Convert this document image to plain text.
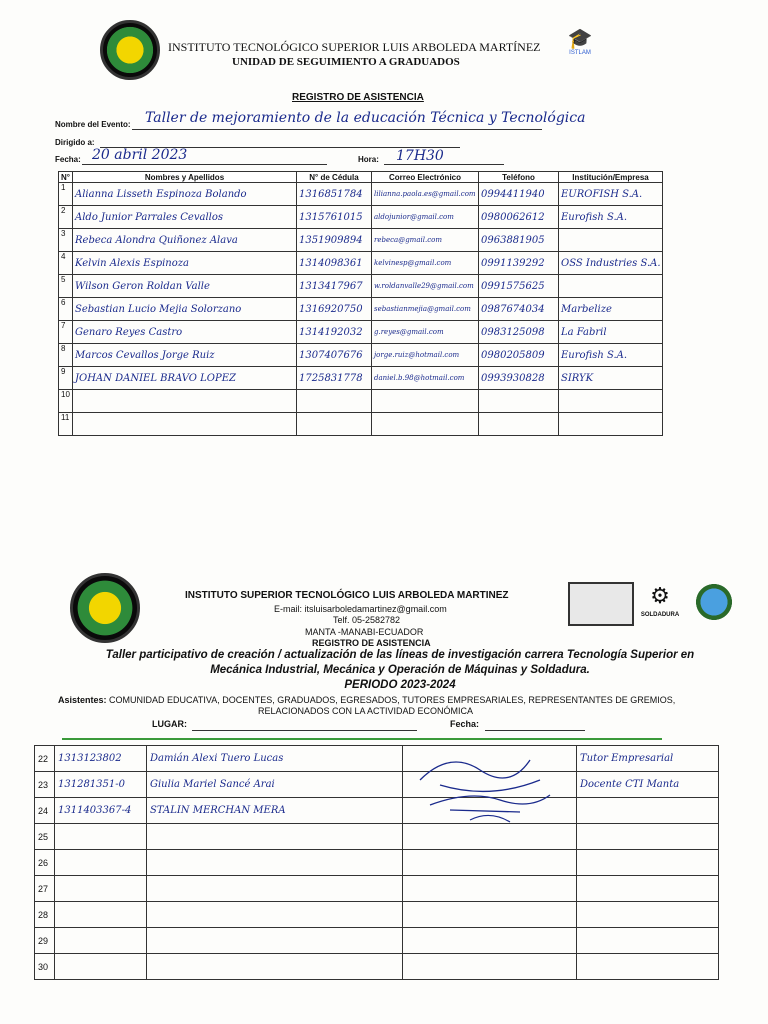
INSTITUTO TECNOLÓGICO SUPERIOR LUIS ARBOLEDA MARTÍNEZ
UNIDAD DE SEGUIMIENTO A GRADUADOS
🎓
ISTLAM
REGISTRO DE ASISTENCIA
Nombre del Evento: Taller de mejoramiento de la educación Técnica y Tecnológica
Dirigido a:
Fecha: 20 abril 2023	Hora: 17H30
N°	Nombres y Apellidos	N° de Cédula	Correo Electrónico	Teléfono	Institución/Empresa
1	Alianna Lisseth Espinoza Bolando	1316851784	lilianna.paola.es@gmail.com	0994411940	EUROFISH S.A.
2	Aldo Junior Parrales Cevallos	1315761015	aldojunior@gmail.com	0980062612	Eurofish S.A.
3	Rebeca Alondra Quiñonez Alava	1351909894	rebeca@gmail.com	0963881905	
4	Kelvin Alexis Espinoza	1314098361	kelvinesp@gmail.com	0991139292	OSS Industries S.A.
5	Wilson Geron Roldan Valle	1313417967	w.roldanvalle29@gmail.com	0991575625	
6	Sebastian Lucio Mejia Solorzano	1316920750	sebastianmejia@gmail.com	0987674034	Marbelize
7	Genaro Reyes Castro	1314192032	g.reyes@gmail.com	0983125098	La Fabril
8	Marcos Cevallos Jorge Ruiz	1307407676	jorge.ruiz@hotmail.com	0980205809	Eurofish S.A.
9	JOHAN DANIEL BRAVO LOPEZ	1725831778	daniel.b.98@hotmail.com	0993930828	SIRYK
10					
11					
INSTITUTO SUPERIOR TECNOLÓGICO LUIS ARBOLEDA MARTINEZ
E-mail: itsluisarboledamartinez@gmail.com
Telf. 05-2582782
MANTA -MANABI-ECUADOR
REGISTRO DE ASISTENCIA
⚙
SOLDADURA
Taller participativo de creación / actualización de las líneas de investigación carrera Tecnología Superior en
Mecánica Industrial, Mecánica y Operación de Máquinas y Soldadura.
PERIODO 2023-2024
Asistentes: COMUNIDAD EDUCATIVA, DOCENTES, GRADUADOS, EGRESADOS, TUTORES EMPRESARIALES, REPRESENTANTES DE GREMIOS,
RELACIONADOS CON LA ACTIVIDAD ECONÓMICA
LUGAR:	Fecha:
22	1313123802	Damián Alexi Tuero Lucas		Tutor Empresarial
23	131281351-0	Giulia Mariel Sancé Arai		Docente CTI Manta
24	1311403367-4	STALIN MERCHAN MERA		
25				
26				
27				
28				
29				
30				
